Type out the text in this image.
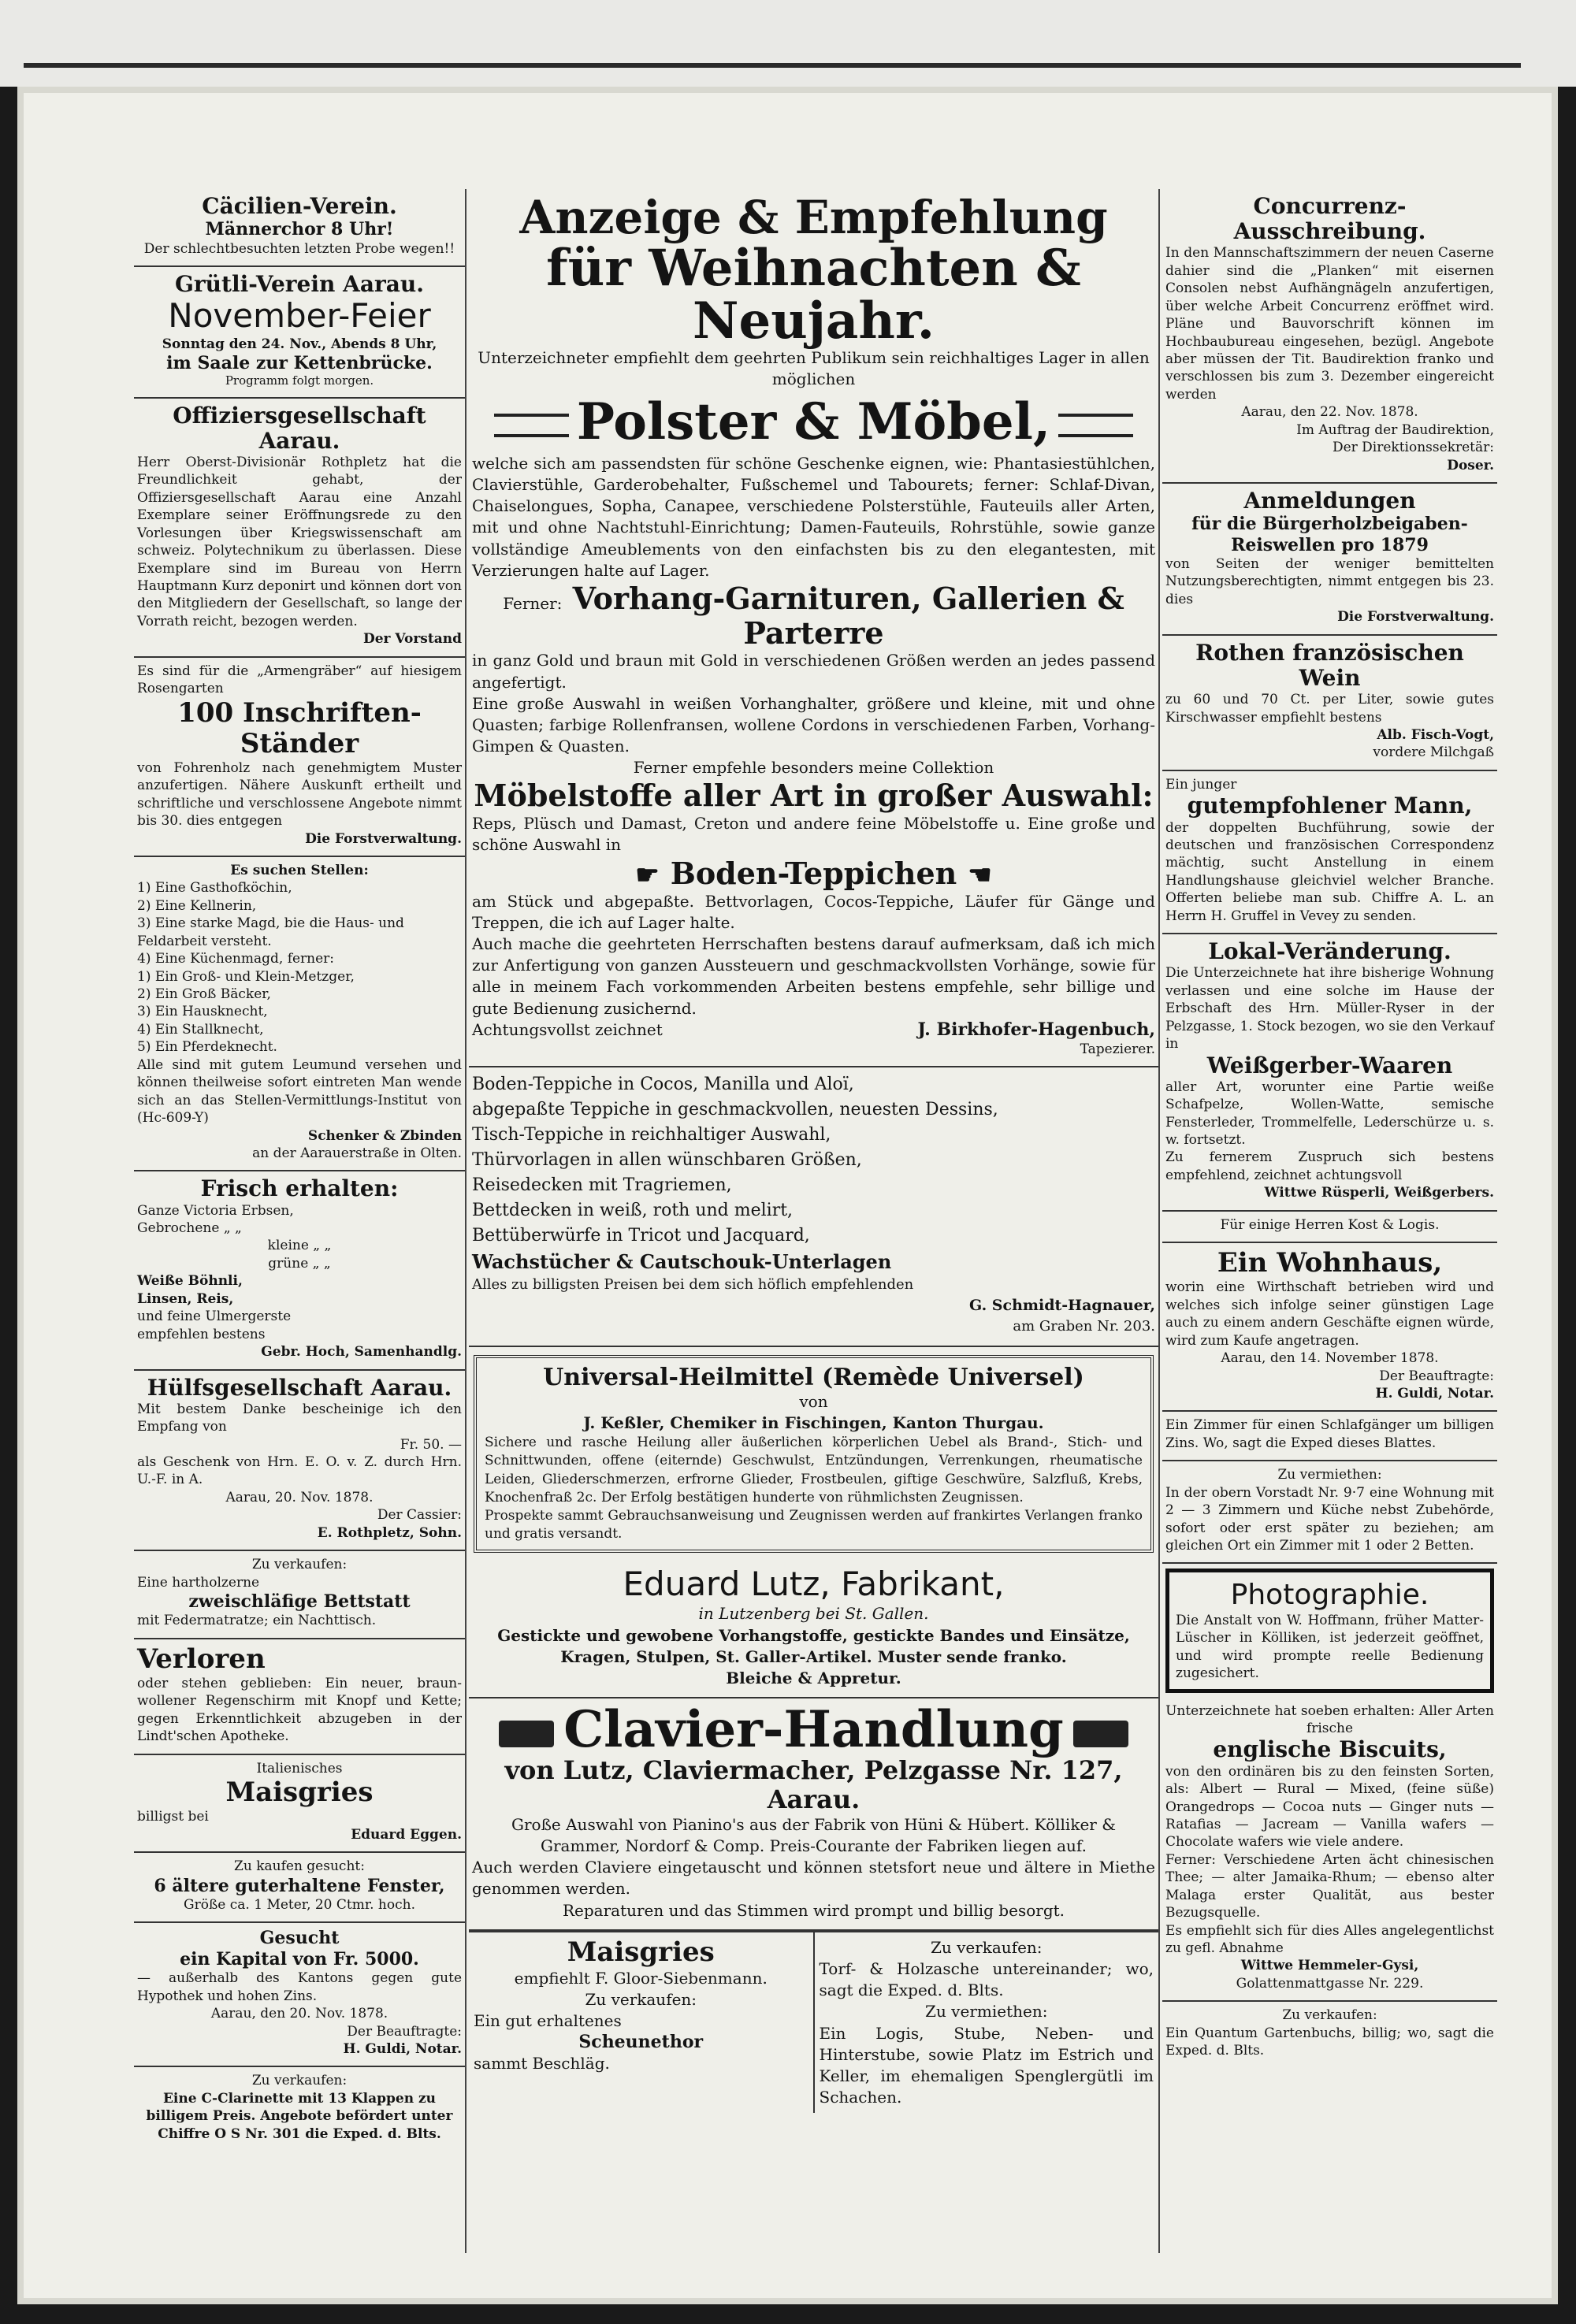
Cäcilien-Verein.
Männerchor 8 Uhr!
Der schlechtbesuchten letzten Probe wegen!!
Grütli-Verein Aarau.
November-Feier
Sonntag den 24. Nov., Abends 8 Uhr,
im Saale zur Kettenbrücke.
Programm folgt morgen.
Offiziersgesellschaft Aarau.
Herr Oberst-Divisionär Rothpletz hat die Freundlichkeit gehabt, der Offiziersgesellschaft Aarau eine Anzahl Exemplare seiner Eröffnungsrede zu den Vorlesungen über Kriegswissenschaft am schweiz. Polytechnikum zu überlassen. Diese Exemplare sind im Bureau von Herrn Hauptmann Kurz deponirt und können dort von den Mitgliedern der Gesellschaft, so lange der Vorrath reicht, bezogen werden.
Der Vorstand
Es sind für die „Armengräber“ auf hiesigem Rosengarten
100 Inschriften-Ständer
von Fohrenholz nach genehmigtem Muster anzufertigen. Nähere Auskunft ertheilt und schriftliche und verschlossene Angebote nimmt bis 30. dies entgegen
Die Forstverwaltung.
Es suchen Stellen:
1) Eine Gasthofköchin,
2) Eine Kellnerin,
3) Eine starke Magd, bie die Haus- und Feldarbeit versteht.
4) Eine Küchenmagd, ferner:
1) Ein Groß- und Klein-Metzger,
2) Ein Groß Bäcker,
3) Ein Hausknecht,
4) Ein Stallknecht,
5) Ein Pferdeknecht.
Alle sind mit gutem Leumund versehen und können theilweise sofort eintreten Man wende sich an das Stellen-Vermittlungs-Institut von (Hc-609-Y)
Schenker & Zbinden
an der Aarauerstraße in Olten.
Frisch erhalten:
Ganze Victoria Erbsen,
Gebrochene „ „
kleine „ „
grüne „ „
Weiße Böhnli,
Linsen, Reis,
und feine Ulmergerste
empfehlen bestens
Gebr. Hoch, Samenhandlg.
Hülfsgesellschaft Aarau.
Mit bestem Danke bescheinige ich den Empfang von
Fr. 50. —
als Geschenk von Hrn. E. O. v. Z. durch Hrn. U.-F. in A.
Aarau, 20. Nov. 1878.
Der Cassier:
E. Rothpletz, Sohn.
Zu verkaufen:
Eine hartholzerne
zweischläfige Bettstatt
mit Federmatratze; ein Nachttisch.
Verloren
oder stehen geblieben: Ein neuer, braun-wollener Regenschirm mit Knopf und Kette; gegen Erkenntlichkeit abzugeben in der Lindt'schen Apotheke.
Italienisches
Maisgries
billigst bei
Eduard Eggen.
Zu kaufen gesucht:
6 ältere guterhaltene Fenster,
Größe ca. 1 Meter, 20 Ctmr. hoch.
Gesucht
ein Kapital von Fr. 5000.
— außerhalb des Kantons gegen gute Hypothek und hohen Zins.
Aarau, den 20. Nov. 1878.
Der Beauftragte:
H. Guldi, Notar.
Zu verkaufen:
Eine C-Clarinette mit 13 Klappen zu billigem Preis. Angebote befördert unter Chiffre O S Nr. 301 die Exped. d. Blts.
Anzeige & Empfehlung
für Weihnachten & Neujahr.
Unterzeichneter empfiehlt dem geehrten Publikum sein reichhaltiges Lager in allen möglichen
Polster & Möbel,
welche sich am passendsten für schöne Geschenke eignen, wie: Phantasiestühlchen, Clavierstühle, Garderobehalter, Fußschemel und Tabourets; ferner: Schlaf-Divan, Chaiselongues, Sopha, Canapee, verschiedene Polsterstühle, Fauteuils aller Arten, mit und ohne Nachtstuhl-Einrichtung; Damen-Fauteuils, Rohrstühle, sowie ganze vollständige Ameublements von den einfachsten bis zu den elegantesten, mit Verzierungen halte auf Lager.
Ferner: Vorhang-Garnituren, Gallerien & Parterre
in ganz Gold und braun mit Gold in verschiedenen Größen werden an jedes passend angefertigt.
Eine große Auswahl in weißen Vorhanghalter, größere und kleine, mit und ohne Quasten; farbige Rollenfransen, wollene Cordons in verschiedenen Farben, Vorhang-Gimpen & Quasten.
Ferner empfehle besonders meine Collektion
Möbelstoffe aller Art in großer Auswahl:
Reps, Plüsch und Damast, Creton und andere feine Möbelstoffe u. Eine große und schöne Auswahl in
☛ Boden-Teppichen ☚
am Stück und abgepaßte. Bettvorlagen, Cocos-Teppiche, Läufer für Gänge und Treppen, die ich auf Lager halte.
Auch mache die geehrteten Herrschaften bestens darauf aufmerksam, daß ich mich zur Anfertigung von ganzen Aussteuern und geschmackvollsten Vorhänge, sowie für alle in meinem Fach vorkommenden Arbeiten bestens empfehle, sehr billige und gute Bedienung zusichernd.
Achtungsvollst zeichnet	J. Birkhofer-Hagenbuch,
Tapezierer.
Boden-Teppiche in Cocos, Manilla und Aloï,
abgepaßte Teppiche in geschmackvollen, neuesten Dessins,
Tisch-Teppiche in reichhaltiger Auswahl,
Thürvorlagen in allen wünschbaren Größen,
Reisedecken mit Tragriemen,
Bettdecken in weiß, roth und melirt,
Bettüberwürfe in Tricot und Jacquard,
Wachstücher & Cautschouk-Unterlagen
Alles zu billigsten Preisen bei dem sich höflich empfehlenden
G. Schmidt-Hagnauer,
am Graben Nr. 203.
Universal-Heilmittel (Remède Universel)
von
J. Keßler, Chemiker in Fischingen, Kanton Thurgau.
Sichere und rasche Heilung aller äußerlichen körperlichen Uebel als Brand-, Stich- und Schnittwunden, offene (eiternde) Geschwulst, Entzündungen, Verrenkungen, rheumatische Leiden, Gliederschmerzen, erfrorne Glieder, Frostbeulen, giftige Geschwüre, Salzfluß, Krebs, Knochenfraß 2c. Der Erfolg bestätigen hunderte von rühmlichsten Zeugnissen.
Prospekte sammt Gebrauchsanweisung und Zeugnissen werden auf frankirtes Verlangen franko und gratis versandt.
Eduard Lutz, Fabrikant,
in Lutzenberg bei St. Gallen.
Gestickte und gewobene Vorhangstoffe, gestickte Bandes und Einsätze, Kragen, Stulpen, St. Galler-Artikel. Muster sende franko.
Bleiche & Appretur.
Clavier-Handlung
von Lutz, Claviermacher, Pelzgasse Nr. 127, Aarau.
Große Auswahl von Pianino's aus der Fabrik von Hüni & Hübert. Kölliker & Grammer, Nordorf & Comp. Preis-Courante der Fabriken liegen auf.
Auch werden Claviere eingetauscht und können stetsfort neue und ältere in Miethe genommen werden.
Reparaturen und das Stimmen wird prompt und billig besorgt.
Maisgries
empfiehlt F. Gloor-Siebenmann.
Zu verkaufen:
Ein gut erhaltenes
Scheunethor
sammt Beschläg.
Zu verkaufen:
Torf- & Holzasche untereinander; wo, sagt die Exped. d. Blts.
Zu vermiethen:
Ein Logis, Stube, Neben- und Hinterstube, sowie Platz im Estrich und Keller, im ehemaligen Spenglergütli im Schachen.
Concurrenz-Ausschreibung.
In den Mannschaftszimmern der neuen Caserne dahier sind die „Planken“ mit eisernen Consolen nebst Aufhängnägeln anzufertigen, über welche Arbeit Concurrenz eröffnet wird. Pläne und Bauvorschrift können im Hochbaubureau eingesehen, bezügl. Angebote aber müssen der Tit. Baudirektion franko und verschlossen bis zum 3. Dezember eingereicht werden
Aarau, den 22. Nov. 1878.
Im Auftrag der Baudirektion,
Der Direktionssekretär:
Doser.
Anmeldungen
für die Bürgerholzbeigaben-Reiswellen pro 1879
von Seiten der weniger bemittelten Nutzungsberechtigten, nimmt entgegen bis 23. dies
Die Forstverwaltung.
Rothen französischen Wein
zu 60 und 70 Ct. per Liter, sowie gutes Kirschwasser empfiehlt bestens
Alb. Fisch-Vogt,
vordere Milchgaß
Ein junger
gutempfohlener Mann,
der doppelten Buchführung, sowie der deutschen und französischen Correspondenz mächtig, sucht Anstellung in einem Handlungshause gleichviel welcher Branche. Offerten beliebe man sub. Chiffre A. L. an Herrn H. Gruffel in Vevey zu senden.
Lokal-Veränderung.
Die Unterzeichnete hat ihre bisherige Wohnung verlassen und eine solche im Hause der Erbschaft des Hrn. Müller-Ryser in der Pelzgasse, 1. Stock bezogen, wo sie den Verkauf in
Weißgerber-Waaren
aller Art, worunter eine Partie weiße Schafpelze, Wollen-Watte, semische Fensterleder, Trommelfelle, Lederschürze u. s. w. fortsetzt.
Zu fernerem Zuspruch sich bestens empfehlend, zeichnet achtungsvoll
Wittwe Rüsperli, Weißgerbers.
Für einige Herren Kost & Logis.
Ein Wohnhaus,
worin eine Wirthschaft betrieben wird und welches sich infolge seiner günstigen Lage auch zu einem andern Geschäfte eignen würde, wird zum Kaufe angetragen.
Aarau, den 14. November 1878.
Der Beauftragte:
H. Guldi, Notar.
Ein Zimmer für einen Schlafgänger um billigen Zins. Wo, sagt die Exped dieses Blattes.
Zu vermiethen:
In der obern Vorstadt Nr. 9·7 eine Wohnung mit 2 — 3 Zimmern und Küche nebst Zubehörde, sofort oder erst später zu beziehen; am gleichen Ort ein Zimmer mit 1 oder 2 Betten.
Photographie.
Die Anstalt von W. Hoffmann, früher Matter-Lüscher in Kölliken, ist jederzeit geöffnet, und wird prompte reelle Bedienung zugesichert.
Unterzeichnete hat soeben erhalten: Aller Arten frische
englische Biscuits,
von den ordinären bis zu den feinsten Sorten, als: Albert — Rural — Mixed, (feine süße) Orangedrops — Cocoa nuts — Ginger nuts — Ratafias — Jacream — Vanilla wafers — Chocolate wafers wie viele andere.
Ferner: Verschiedene Arten ächt chinesischen Thee; — alter Jamaika-Rhum; — ebenso alter Malaga erster Qualität, aus bester Bezugsquelle.
Es empfiehlt sich für dies Alles angelegentlichst zu gefl. Abnahme
Wittwe Hemmeler-Gysi,
Golattenmattgasse Nr. 229.
Zu verkaufen:
Ein Quantum Gartenbuchs, billig; wo, sagt die Exped. d. Blts.
